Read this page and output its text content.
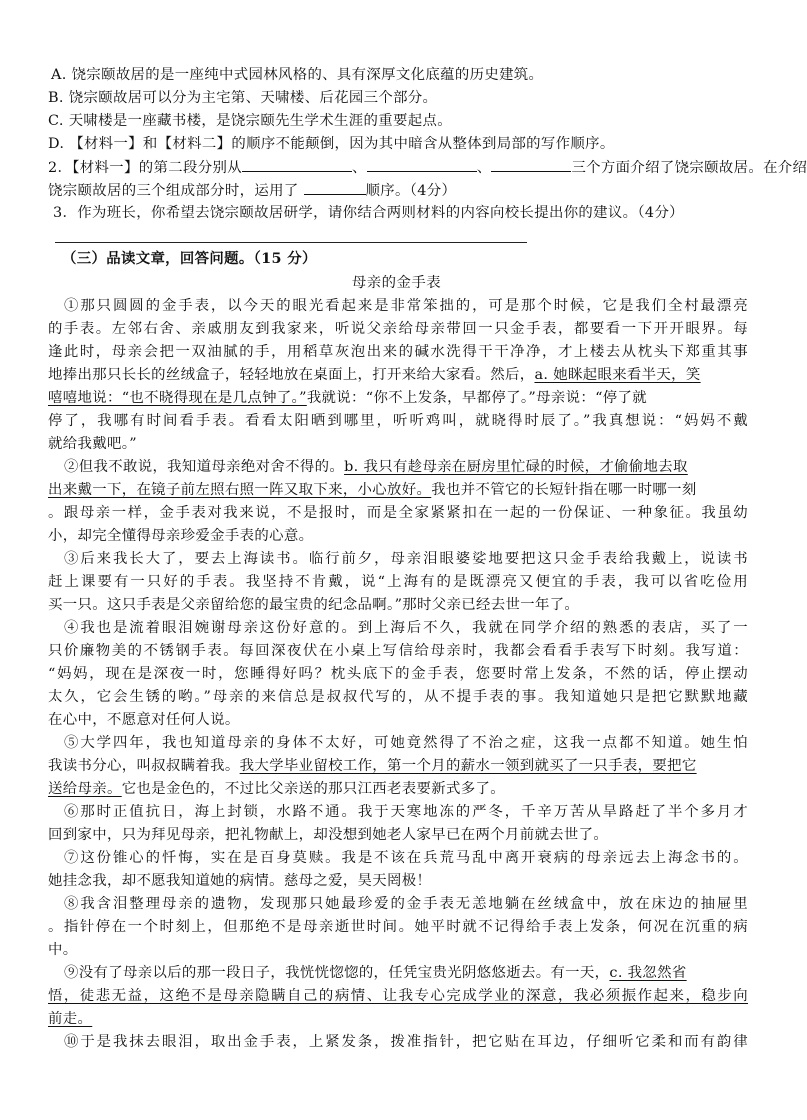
A. 饶宗颐故居的是一座纯中式园林风格的、具有深厚文化底蕴的历史建筑。
B. 饶宗颐故居可以分为主宅第、天啸楼、后花园三个部分。
C. 天啸楼是一座藏书楼，是饶宗颐先生学术生涯的重要起点。
D. 【材料一】和【材料二】的顺序不能颠倒，因为其中暗含从整体到局部的写作顺序。
2．【材料一】的第二段分别从	、	、	三个方面介绍了饶宗颐故居。在介绍
饶宗颐故居的三个组成部分时，运用了	顺序。（4分）
3．作为班长，你希望去饶宗颐故居研学，请你结合两则材料的内容向校长提出你的建议。（4分）
（三）品读文章，回答问题。（15 分）
母亲的金手表
①那只圆圆的金手表，以今天的眼光看起来是非常笨拙的，可是那个时候，它是我们全村最漂亮
的手表。左邻右舍、亲戚朋友到我家来，听说父亲给母亲带回一只金手表，都要看一下开开眼界。每
逢此时，母亲会把一双油腻的手，用稻草灰泡出来的碱水洗得干干净净，才上楼去从枕头下郑重其事
地捧出那只长长的丝绒盒子，轻轻地放在桌面上，打开来给大家看。然后，a. 她眯起眼来看半天，笑
嘻嘻地说：“也不晓得现在是几点钟了。”我就说：“你不上发条，早都停了。”母亲说：“停了就
停了，我哪有时间看手表。看看太阳晒到哪里，听听鸡叫，就晓得时辰了。”我真想说：“妈妈不戴
就给我戴吧。”
②但我不敢说，我知道母亲绝对舍不得的。b. 我只有趁母亲在厨房里忙碌的时候，才偷偷地去取
出来戴一下，在镜子前左照右照一阵又取下来，小心放好。我也并不管它的长短针指在哪一时哪一刻
。跟母亲一样，金手表对我来说，不是报时，而是全家紧紧扣在一起的一份保证、一种象征。我虽幼
小，却完全懂得母亲珍爱金手表的心意。
③后来我长大了，要去上海读书。临行前夕，母亲泪眼婆娑地要把这只金手表给我戴上，说读书
赶上课要有一只好的手表。我坚持不肯戴，说“上海有的是既漂亮又便宜的手表，我可以省吃俭用
买一只。这只手表是父亲留给您的最宝贵的纪念品啊。”那时父亲已经去世一年了。
④我也是流着眼泪婉谢母亲这份好意的。到上海后不久，我就在同学介绍的熟悉的表店，买了一
只价廉物美的不锈钢手表。每回深夜伏在小桌上写信给母亲时，我都会看看手表写下时刻。我写道：
“妈妈，现在是深夜一时，您睡得好吗？枕头底下的金手表，您要时常上发条，不然的话，停止摆动
太久，它会生锈的哟。”母亲的来信总是叔叔代写的，从不提手表的事。我知道她只是把它默默地藏
在心中，不愿意对任何人说。
⑤大学四年，我也知道母亲的身体不太好，可她竟然得了不治之症，这我一点都不知道。她生怕
我读书分心，叫叔叔瞒着我。我大学毕业留校工作，第一个月的薪水一领到就买了一只手表，要把它
送给母亲。它也是金色的，不过比父亲送的那只江西老表要新式多了。
⑥那时正值抗日，海上封锁，水路不通。我于天寒地冻的严冬，千辛万苦从旱路赶了半个多月才
回到家中，只为拜见母亲，把礼物献上，却没想到她老人家早已在两个月前就去世了。
⑦这份锥心的忏悔，实在是百身莫赎。我是不该在兵荒马乱中离开衰病的母亲远去上海念书的。
她挂念我，却不愿我知道她的病情。慈母之爱，昊天罔极！
⑧我含泪整理母亲的遗物，发现那只她最珍爱的金手表无恙地躺在丝绒盒中，放在床边的抽屉里
。指针停在一个时刻上，但那绝不是母亲逝世时间。她平时就不记得给手表上发条，何况在沉重的病
中。
⑨没有了母亲以后的那一段日子，我恍恍惚惚的，任凭宝贵光阴悠悠逝去。有一天，c. 我忽然省
悟，徒悲无益，这绝不是母亲隐瞒自己的病情、让我专心完成学业的深意，我必须振作起来，稳步向
前走。
⑩于是我抹去眼泪，取出金手表，上紧发条，拨准指针，把它贴在耳边，仔细听它柔和而有韵律
